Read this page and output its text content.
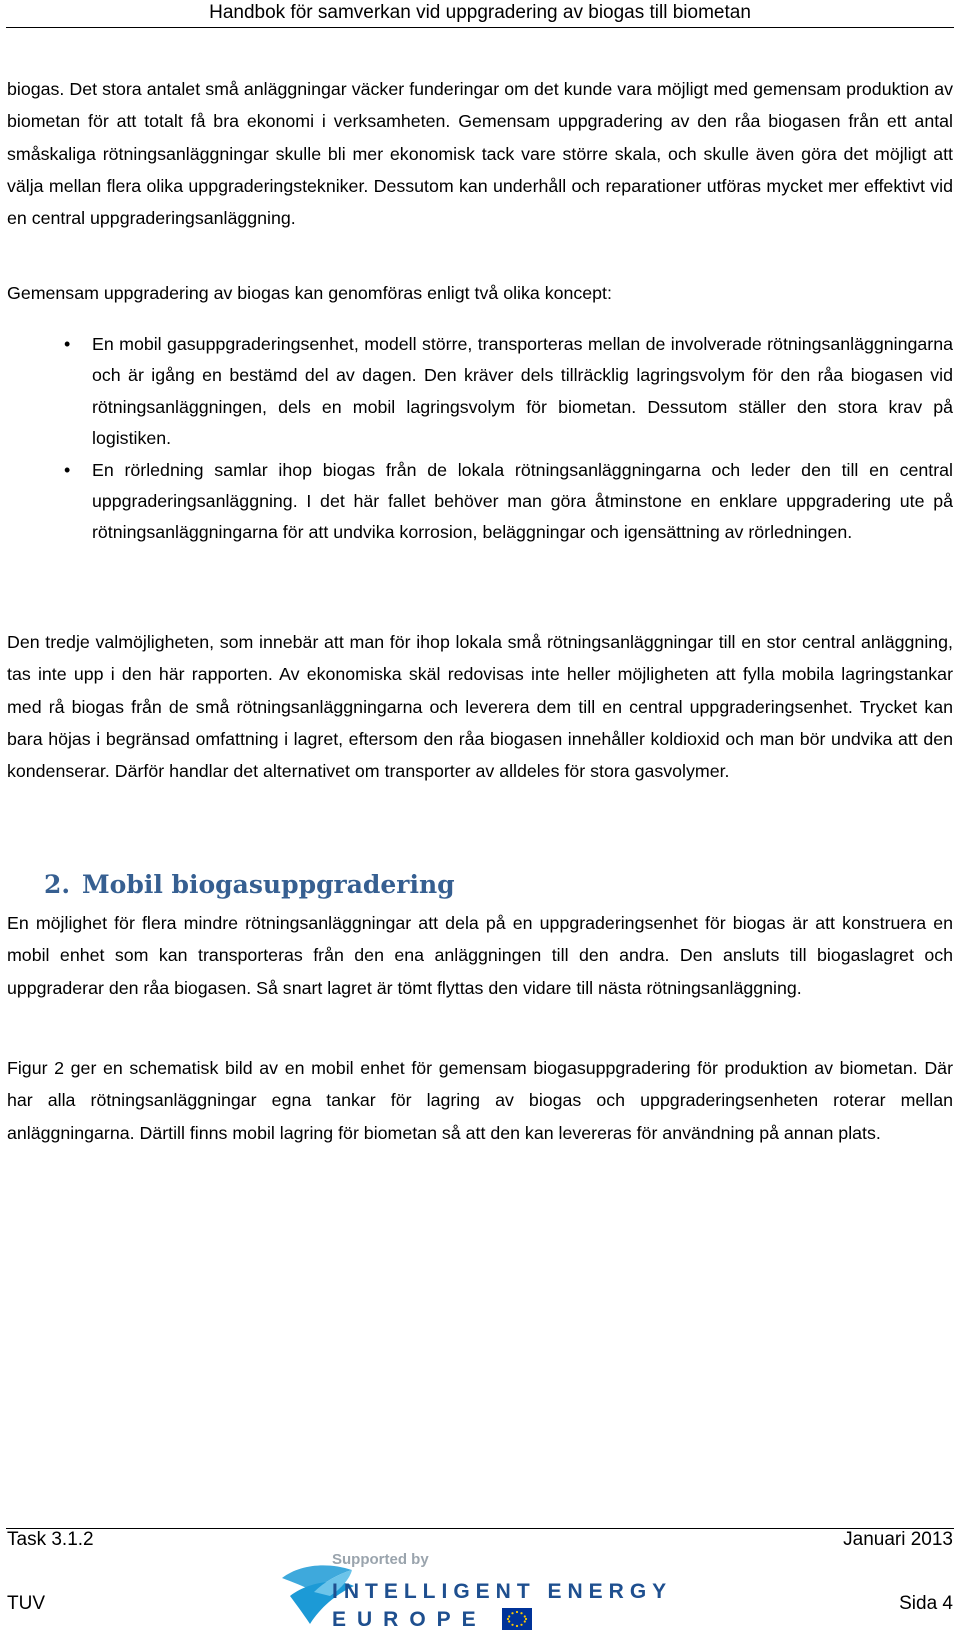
Handbok för samverkan vid uppgradering av biogas till biometan

biogas. Det stora antalet små anläggningar väcker funderingar om det kunde vara möjligt med gemensam produktion av biometan för att totalt få bra ekonomi i verksamheten. Gemensam uppgradering av den råa biogasen från ett antal småskaliga rötningsanläggningar skulle bli mer ekonomisk tack vare större skala, och skulle även göra det möjligt att välja mellan flera olika uppgraderingstekniker. Dessutom kan underhåll och reparationer utföras mycket mer effektivt vid en central uppgraderingsanläggning.

Gemensam uppgradering av biogas kan genomföras enligt två olika koncept:

• En mobil gasuppgraderingsenhet, modell större, transporteras mellan de involverade rötningsanläggningarna och är igång en bestämd del av dagen. Den kräver dels tillräcklig lagringsvolym för den råa biogasen vid rötningsanläggningen, dels en mobil lagringsvolym för biometan. Dessutom ställer den stora krav på logistiken.
• En rörledning samlar ihop biogas från de lokala rötningsanläggningarna och leder den till en central uppgraderingsanläggning. I det här fallet behöver man göra åtminstone en enklare uppgradering ute på rötningsanläggningarna för att undvika korrosion, beläggningar och igensättning av rörledningen.

Den tredje valmöjligheten, som innebär att man för ihop lokala små rötningsanläggningar till en stor central anläggning, tas inte upp i den här rapporten. Av ekonomiska skäl redovisas inte heller möjligheten att fylla mobila lagringstankar med rå biogas från de små rötningsanläggningarna och leverera dem till en central uppgraderingsenhet. Trycket kan bara höjas i begränsad omfattning i lagret, eftersom den råa biogasen innehåller koldioxid och man bör undvika att den kondenserar. Därför handlar det alternativet om transporter av alldeles för stora gasvolymer.

2. Mobil biogasuppgradering

En möjlighet för flera mindre rötningsanläggningar att dela på en uppgraderingsenhet för biogas är att konstruera en mobil enhet som kan transporteras från den ena anläggningen till den andra. Den ansluts till biogaslagret och uppgraderar den råa biogasen. Så snart lagret är tömt flyttas den vidare till nästa rötningsanläggning.

Figur 2 ger en schematisk bild av en mobil enhet för gemensam biogasuppgradering för produktion av biometan. Där har alla rötningsanläggningar egna tankar för lagring av biogas och uppgraderingsenheten roterar mellan anläggningarna. Därtill finns mobil lagring för biometan så att den kan levereras för användning på annan plats.

Task 3.1.2	Januari 2013
TUV	Sida 4
Supported by
INTELLIGENT ENERGY
EUROPE
